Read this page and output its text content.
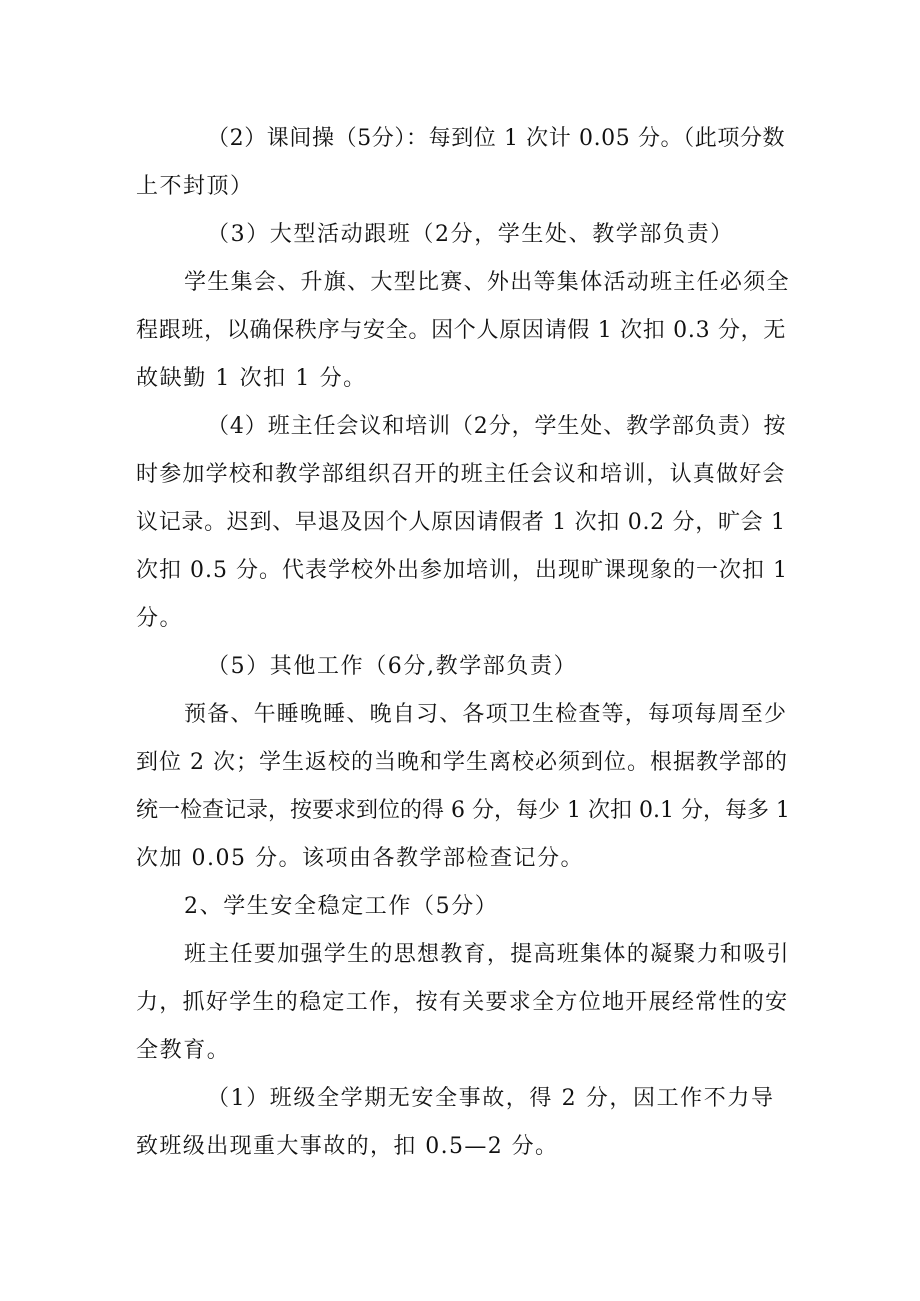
（2）课间操（5分）：每到位 1 次计 0.05 分。（此项分数
上不封顶）
（3）大型活动跟班（2分，学生处、教学部负责）
学生集会、升旗、大型比赛、外出等集体活动班主任必须全
程跟班，以确保秩序与安全。因个人原因请假 1 次扣 0.3 分，无
故缺勤 1 次扣 1 分。
（4）班主任会议和培训（2分，学生处、教学部负责）按
时参加学校和教学部组织召开的班主任会议和培训，认真做好会
议记录。迟到、早退及因个人原因请假者 1 次扣 0.2 分，旷会 1
次扣 0.5 分。代表学校外出参加培训，出现旷课现象的一次扣 1
分。
（5）其他工作（6分,教学部负责）
预备、午睡晚睡、晚自习、各项卫生检查等，每项每周至少
到位 2 次；学生返校的当晚和学生离校必须到位。根据教学部的
统一检查记录，按要求到位的得 6 分，每少 1 次扣 0.1 分，每多 1
次加 0.05 分。该项由各教学部检查记分。
2、学生安全稳定工作（5分）
班主任要加强学生的思想教育，提高班集体的凝聚力和吸引
力，抓好学生的稳定工作，按有关要求全方位地开展经常性的安
全教育。
（1）班级全学期无安全事故，得 2 分，因工作不力导
致班级出现重大事故的，扣 0.5—2 分。
